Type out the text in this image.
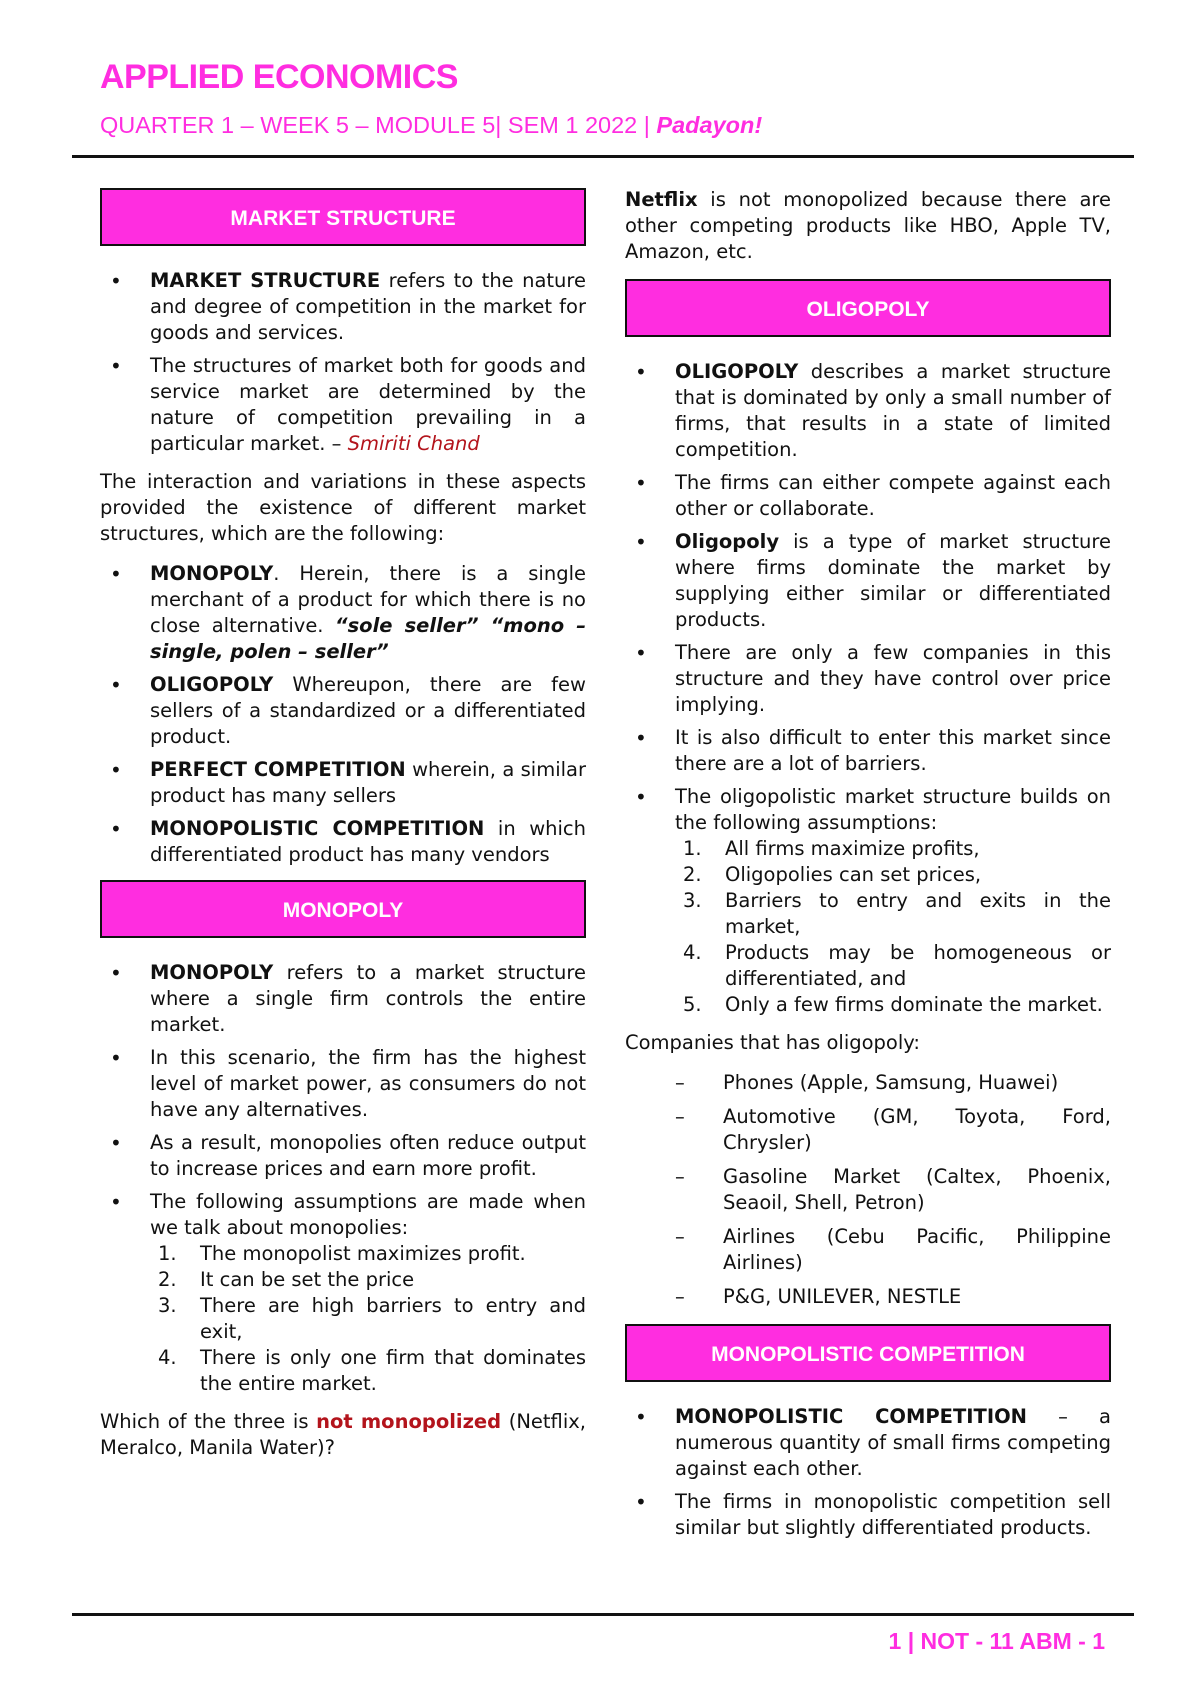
APPLIED ECONOMICS
QUARTER 1 – WEEK 5 – MODULE 5| SEM 1 2022 | Padayon!
MARKET STRUCTURE
• MARKET STRUCTURE refers to the nature and degree of competition in the market for goods and services.
• The structures of market both for goods and service market are determined by the nature of competition prevailing in a particular market. – Smiriti Chand

The interaction and variations in these aspects provided the existence of different market structures, which are the following:

• MONOPOLY. Herein, there is a single merchant of a product for which there is no close alternative. “sole seller” “mono – single, polen – seller”
• OLIGOPOLY Whereupon, there are few sellers of a standardized or a differentiated product.
• PERFECT COMPETITION wherein, a similar product has many sellers
• MONOPOLISTIC COMPETITION in which differentiated product has many vendors
MONOPOLY
• MONOPOLY refers to a market structure where a single firm controls the entire market.
• In this scenario, the firm has the highest level of market power, as consumers do not have any alternatives.
• As a result, monopolies often reduce output to increase prices and earn more profit.
• The following assumptions are made when we talk about monopolies:
1. The monopolist maximizes profit.
2. It can be set the price
3. There are high barriers to entry and exit,
4. There is only one firm that dominates the entire market.

Which of the three is not monopolized (Netflix, Meralco, Manila Water)?

Netflix is not monopolized because there are other competing products like HBO, Apple TV, Amazon, etc.

OLIGOPOLY
• OLIGOPOLY describes a market structure that is dominated by only a small number of firms, that results in a state of limited competition.
• The firms can either compete against each other or collaborate.
• Oligopoly is a type of market structure where firms dominate the market by supplying either similar or differentiated products.
• There are only a few companies in this structure and they have control over price implying.
• It is also difficult to enter this market since there are a lot of barriers.
• The oligopolistic market structure builds on the following assumptions:
1. All firms maximize profits,
2. Oligopolies can set prices,
3. Barriers to entry and exits in the market,
4. Products may be homogeneous or differentiated, and
5. Only a few firms dominate the market.

Companies that has oligopoly:

– Phones (Apple, Samsung, Huawei)
– Automotive (GM, Toyota, Ford, Chrysler)
– Gasoline Market (Caltex, Phoenix, Seaoil, Shell, Petron)
– Airlines (Cebu Pacific, Philippine Airlines)
– P&G, UNILEVER, NESTLE
MONOPOLISTIC COMPETITION
• MONOPOLISTIC COMPETITION – a numerous quantity of small firms competing against each other.
• The firms in monopolistic competition sell similar but slightly differentiated products.
1 | NOT - 11 ABM - 1
